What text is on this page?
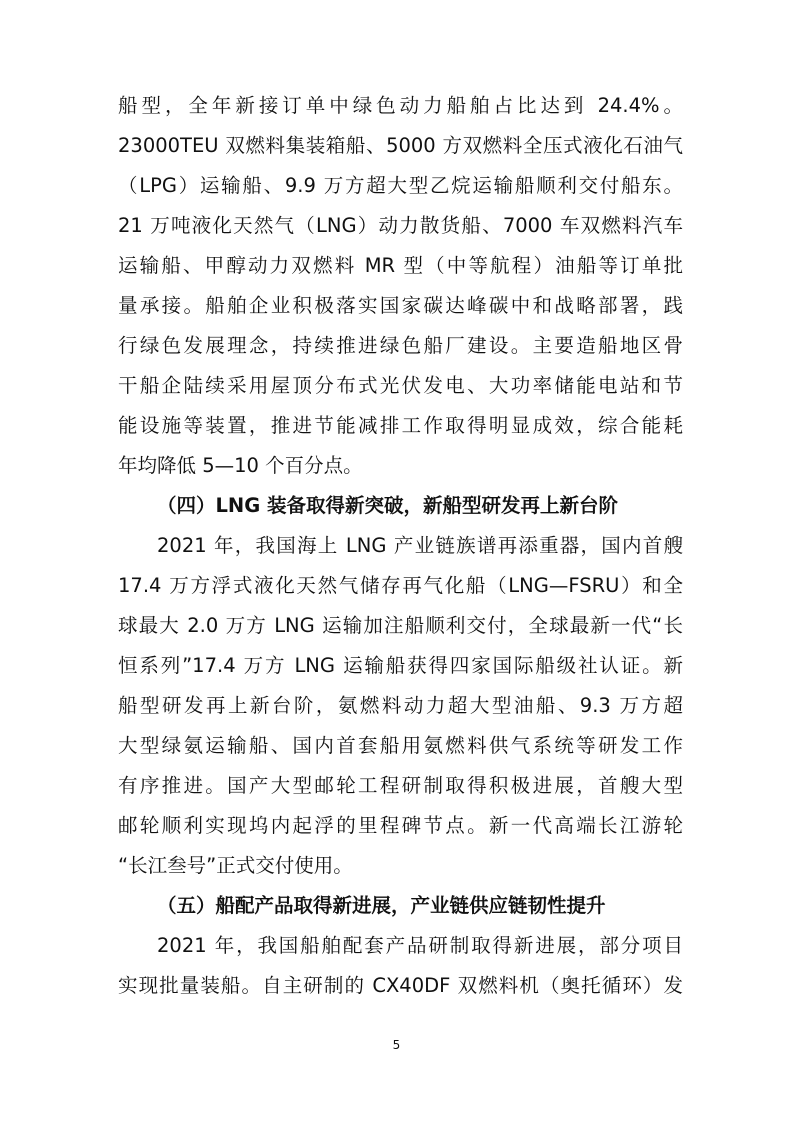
船型，全年新接订单中绿色动力船舶占比达到 24.4%。
23000TEU 双燃料集装箱船、5000 方双燃料全压式液化石油气
（LPG）运输船、9.9 万方超大型乙烷运输船顺利交付船东。
21 万吨液化天然气（LNG）动力散货船、7000 车双燃料汽车
运输船、甲醇动力双燃料 MR 型（中等航程）油船等订单批
量承接。船舶企业积极落实国家碳达峰碳中和战略部署，践
行绿色发展理念，持续推进绿色船厂建设。主要造船地区骨
干船企陆续采用屋顶分布式光伏发电、大功率储能电站和节
能设施等装置，推进节能减排工作取得明显成效，综合能耗
年均降低 5—10 个百分点。
（四）LNG 装备取得新突破，新船型研发再上新台阶
2021 年，我国海上 LNG 产业链族谱再添重器，国内首艘
17.4 万方浮式液化天然气储存再气化船（LNG—FSRU）和全
球最大 2.0 万方 LNG 运输加注船顺利交付，全球最新一代“长
恒系列”17.4 万方 LNG 运输船获得四家国际船级社认证。新
船型研发再上新台阶，氨燃料动力超大型油船、9.3 万方超
大型绿氨运输船、国内首套船用氨燃料供气系统等研发工作
有序推进。国产大型邮轮工程研制取得积极进展，首艘大型
邮轮顺利实现坞内起浮的里程碑节点。新一代高端长江游轮
“长江叁号”正式交付使用。
（五）船配产品取得新进展，产业链供应链韧性提升
2021 年，我国船舶配套产品研制取得新进展，部分项目
实现批量装船。自主研制的 CX40DF 双燃料机（奥托循环）发
5
